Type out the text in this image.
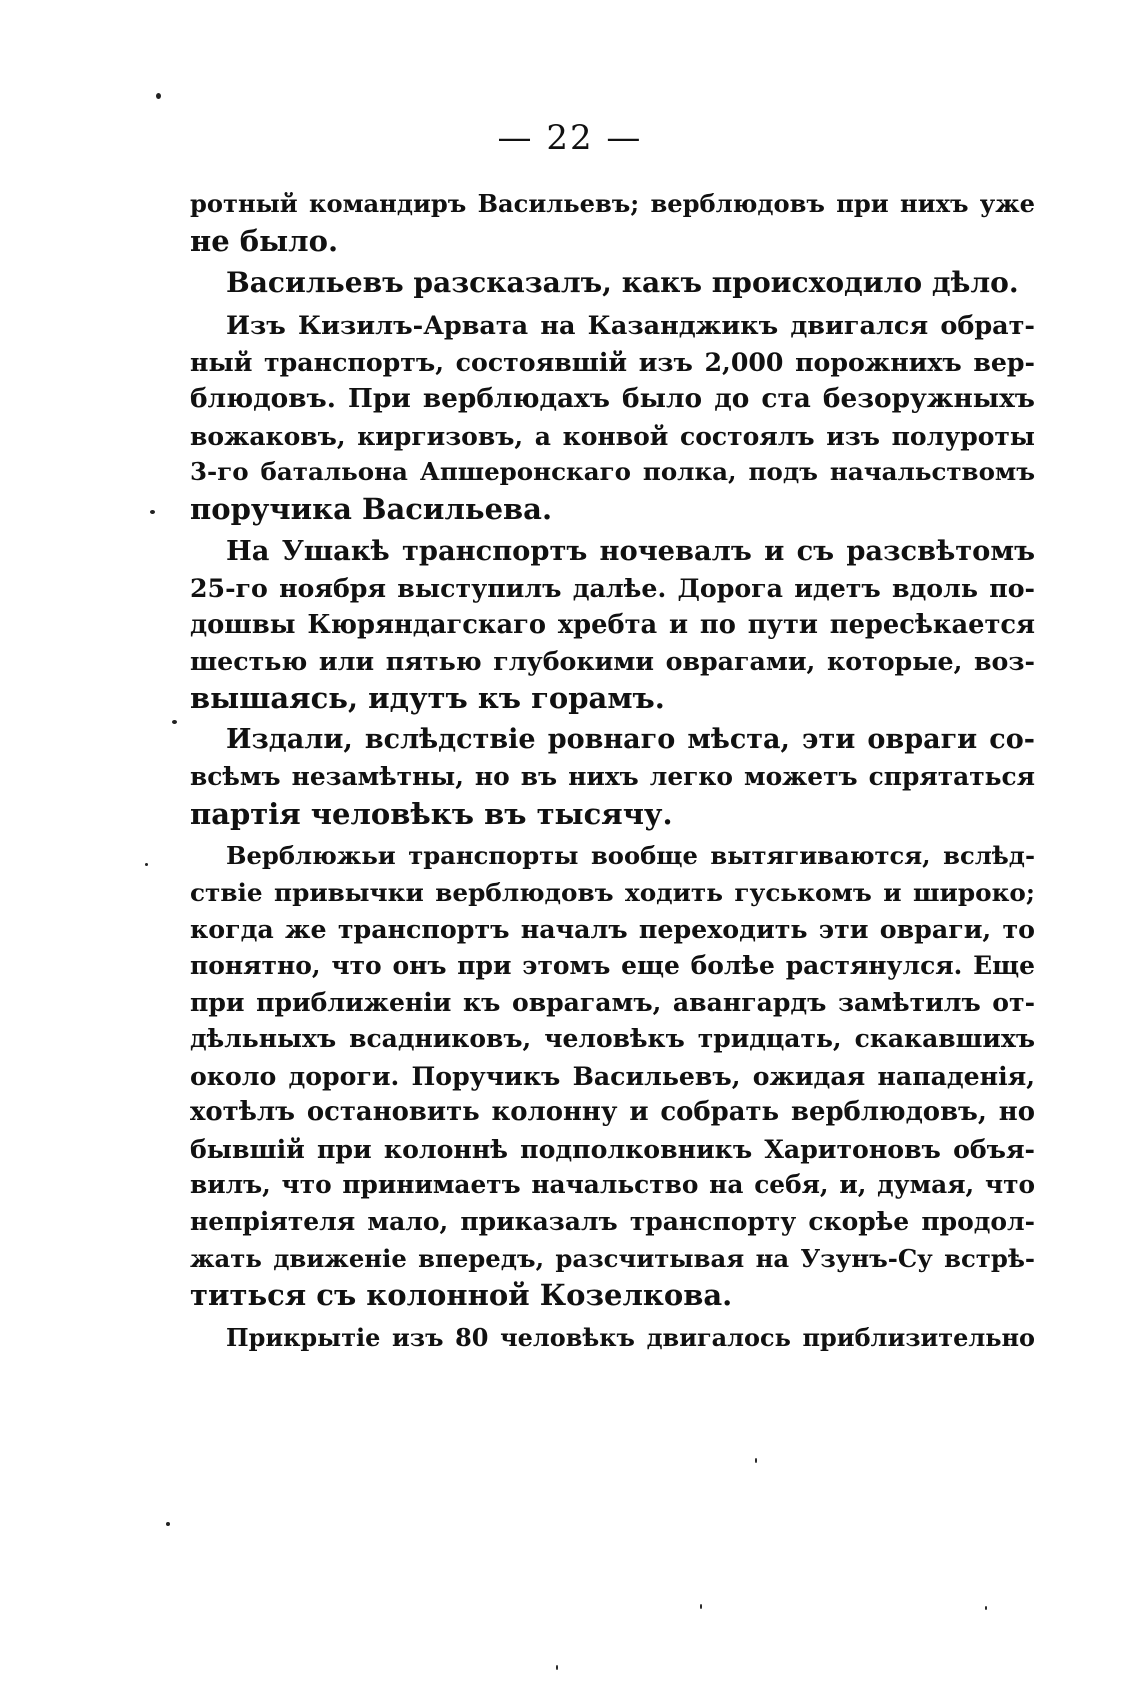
— 22 —
ротный командиръ Васильевъ; верблюдовъ при нихъ уже
не было.
Васильевъ разсказалъ, какъ происходило дѣло.
Изъ Кизилъ-Арвата на Казанджикъ двигался обрат-
ный транспортъ, состоявшій изъ 2,000 порожнихъ вер-
блюдовъ. При верблюдахъ было до ста безоружныхъ
вожаковъ, киргизовъ, а конвой состоялъ изъ полуроты
3-го батальона Апшеронскаго полка, подъ начальствомъ
поручика Васильева.
На Ушакѣ транспортъ ночевалъ и съ разсвѣтомъ
25-го ноября выступилъ далѣе. Дорога идетъ вдоль по-
дошвы Кюряндагскаго хребта и по пути пересѣкается
шестью или пятью глубокими оврагами, которые, воз-
вышаясь, идутъ къ горамъ.
Издали, вслѣдствіе ровнаго мѣста, эти овраги со-
всѣмъ незамѣтны, но въ нихъ легко можетъ спрятаться
партія человѣкъ въ тысячу.
Верблюжьи транспорты вообще вытягиваются, вслѣд-
ствіе привычки верблюдовъ ходить гуськомъ и широко;
когда же транспортъ началъ переходить эти овраги, то
понятно, что онъ при этомъ еще болѣе растянулся. Еще
при приближеніи къ оврагамъ, авангардъ замѣтилъ от-
дѣльныхъ всадниковъ, человѣкъ тридцать, скакавшихъ
около дороги. Поручикъ Васильевъ, ожидая нападенія,
хотѣлъ остановить колонну и собрать верблюдовъ, но
бывшій при колоннѣ подполковникъ Харитоновъ объя-
вилъ, что принимаетъ начальство на себя, и, думая, что
непріятеля мало, приказалъ транспорту скорѣе продол-
жать движеніе впередъ, разсчитывая на Узунъ-Су встрѣ-
титься съ колонной Козелкова.
Прикрытіе изъ 80 человѣкъ двигалось приблизительно
